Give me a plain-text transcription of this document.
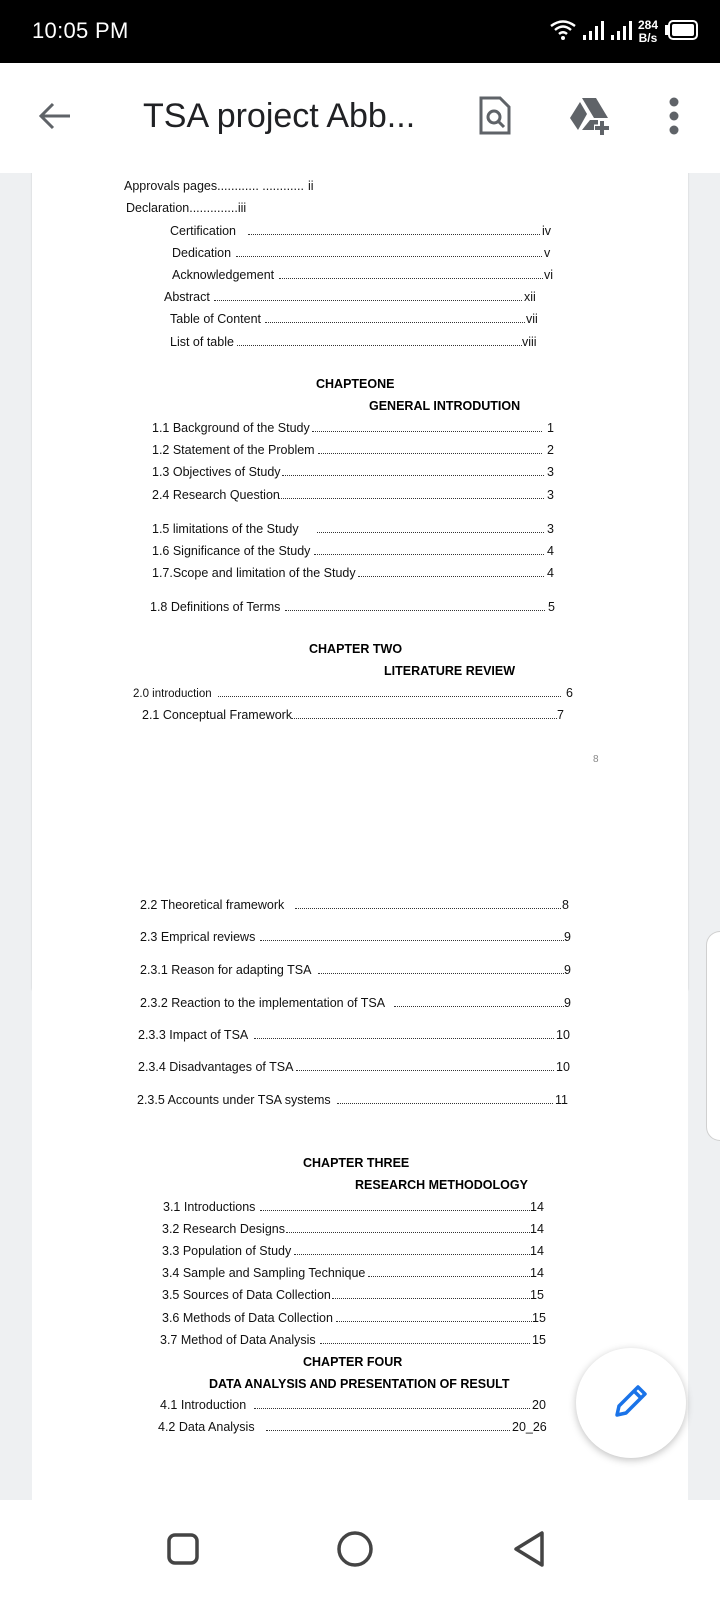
10:05 PM	284
B/s
TSA project Abb...
Approvals pages............ ............ ii
Declaration..............iii
Certification	iv
Dedication	v
Acknowledgement	vi
Abstract	xii
Table of Content	vii
List of table	viii
CHAPTEONE
GENERAL INTRODUTION
1.1 Background of the Study	1
1.2 Statement of the Problem	2
1.3 Objectives of Study	3
2.4 Research Question	3
1.5 limitations of the Study	3
1.6 Significance of the Study	4
1.7.Scope and limitation of the Study	4
1.8 Definitions of Terms	5
CHAPTER TWO
LITERATURE REVIEW
2.0 introduction	6
2.1 Conceptual Framework	7
8
2.2 Theoretical framework	8
2.3 Emprical reviews	9
2.3.1 Reason for adapting TSA	9
2.3.2 Reaction to the implementation of TSA	9
2.3.3 Impact of TSA	10
2.3.4 Disadvantages of TSA	10
2.3.5 Accounts under TSA systems	11
CHAPTER THREE
RESEARCH METHODOLOGY
3.1 Introductions	14
3.2 Research Designs	14
3.3 Population of Study	14
3.4 Sample and Sampling Technique	14
3.5 Sources of Data Collection	15
3.6 Methods of Data Collection	15
3.7 Method of Data Analysis	15
CHAPTER FOUR
DATA ANALYSIS AND PRESENTATION OF RESULT
4.1 Introduction	20
4.2 Data Analysis	20_26
